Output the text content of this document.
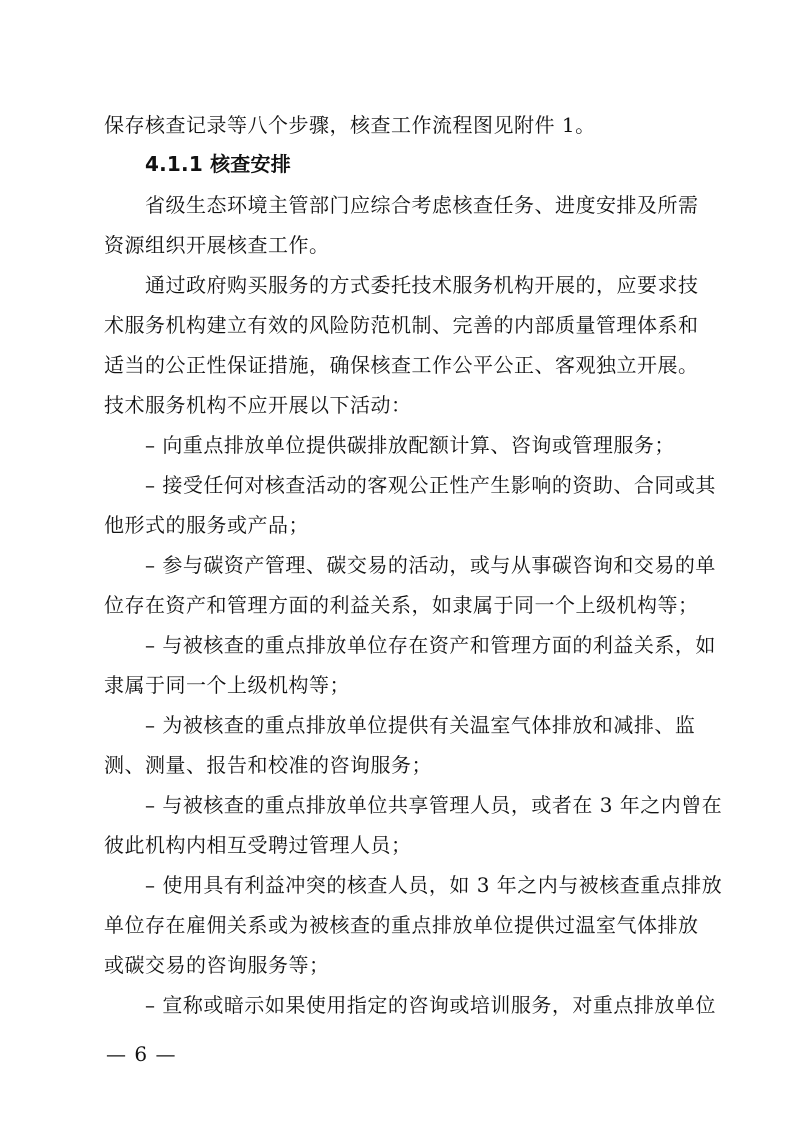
保存核查记录等八个步骤，核查工作流程图见附件 1。
4.1.1 核查安排
省级生态环境主管部门应综合考虑核查任务、进度安排及所需
资源组织开展核查工作。
通过政府购买服务的方式委托技术服务机构开展的，应要求技
术服务机构建立有效的风险防范机制、完善的内部质量管理体系和
适当的公正性保证措施，确保核查工作公平公正、客观独立开展。
技术服务机构不应开展以下活动：
– 向重点排放单位提供碳排放配额计算、咨询或管理服务；
– 接受任何对核查活动的客观公正性产生影响的资助、合同或其
他形式的服务或产品；
– 参与碳资产管理、碳交易的活动，或与从事碳咨询和交易的单
位存在资产和管理方面的利益关系，如隶属于同一个上级机构等；
– 与被核查的重点排放单位存在资产和管理方面的利益关系，如
隶属于同一个上级机构等；
– 为被核查的重点排放单位提供有关温室气体排放和减排、监
测、测量、报告和校准的咨询服务；
– 与被核查的重点排放单位共享管理人员，或者在 3 年之内曾在
彼此机构内相互受聘过管理人员；
– 使用具有利益冲突的核查人员，如 3 年之内与被核查重点排放
单位存在雇佣关系或为被核查的重点排放单位提供过温室气体排放
或碳交易的咨询服务等；
– 宣称或暗示如果使用指定的咨询或培训服务，对重点排放单位
— 6 —
